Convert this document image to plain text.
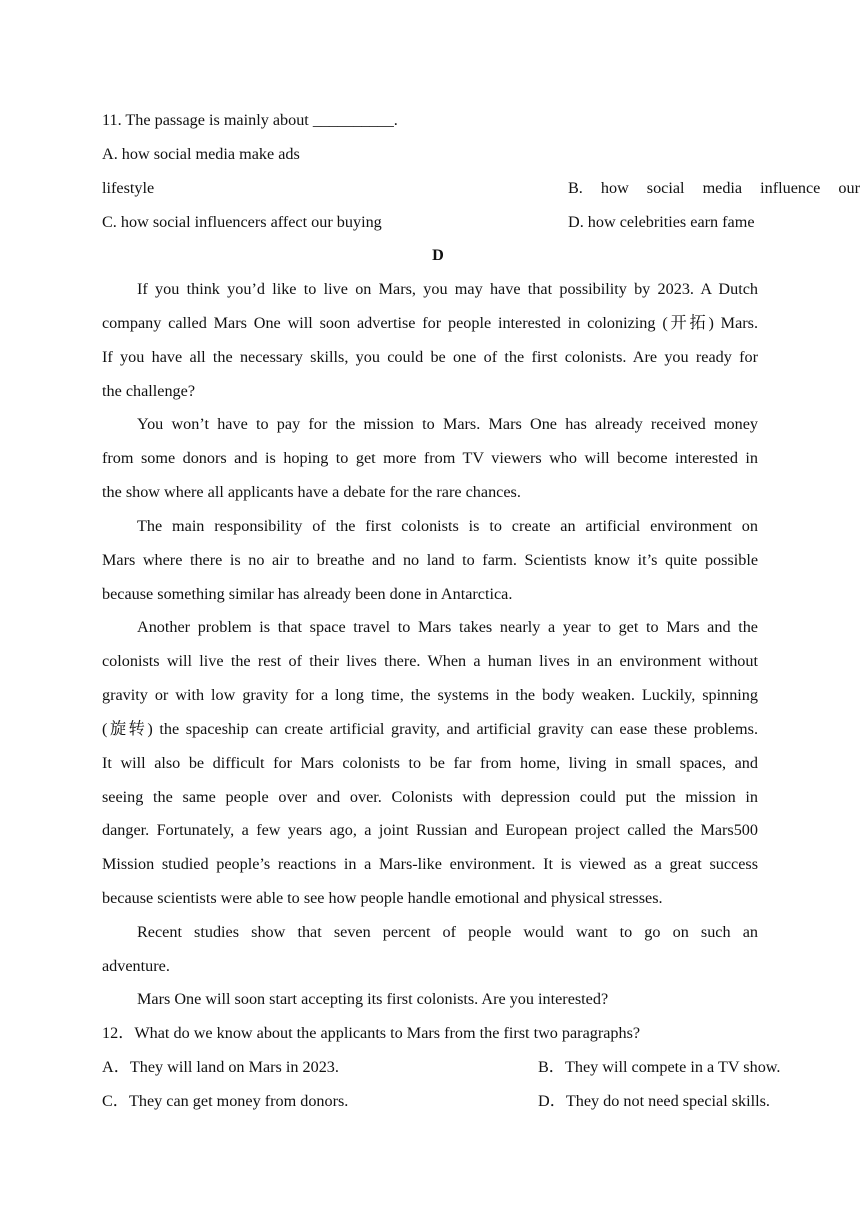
11. The passage is mainly about __________.
A. how social media make ads
B. how social media influence our
lifestyle
C. how social influencers affect our buying	D. how celebrities earn fame
D
If you think you’d like to live on Mars, you may have that possibility by 2023. A Dutch
company called Mars One will soon advertise for people interested in colonizing (开拓) Mars.
If you have all the necessary skills, you could be one of the first colonists. Are you ready for
the challenge?
You won’t have to pay for the mission to Mars. Mars One has already received money
from some donors and is hoping to get more from TV viewers who will become interested in
the show where all applicants have a debate for the rare chances.
The main responsibility of the first colonists is to create an artificial environment on
Mars where there is no air to breathe and no land to farm. Scientists know it’s quite possible
because something similar has already been done in Antarctica.
Another problem is that space travel to Mars takes nearly a year to get to Mars and the
colonists will live the rest of their lives there. When a human lives in an environment without
gravity or with low gravity for a long time, the systems in the body weaken. Luckily, spinning
(旋转) the spaceship can create artificial gravity, and artificial gravity can ease these problems.
It will also be difficult for Mars colonists to be far from home, living in small spaces, and
seeing the same people over and over. Colonists with depression could put the mission in
danger. Fortunately, a few years ago, a joint Russian and European project called the Mars500
Mission studied people’s reactions in a Mars-like environment. It is viewed as a great success
because scientists were able to see how people handle emotional and physical stresses.
Recent studies show that seven percent of people would want to go on such an
adventure.
Mars One will soon start accepting its first colonists. Are you interested?
12．What do we know about the applicants to Mars from the first two paragraphs?
A．They will land on Mars in 2023.	B．They will compete in a TV show.
C．They can get money from donors.	D．They do not need special skills.
